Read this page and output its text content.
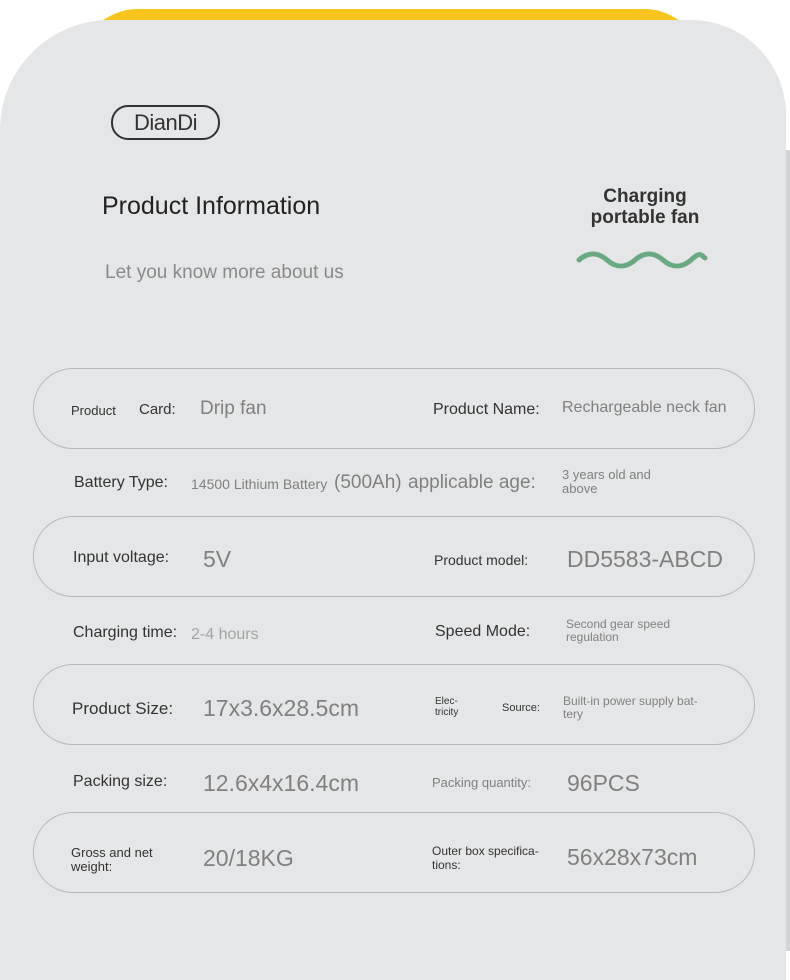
DianDi
Product Information
Let you know more about us
Charging
portable fan
Product Card: Drip fan	Product Name: Rechargeable neck fan
Battery Type: 14500 Lithium Battery (500Ah) applicable age: 3 years old and above
Input voltage: 5V	Product model: DD5583-ABCD
Charging time: 2-4 hours	Speed Mode:	Second gear speed regulation
Product Size: 17x3.6x28.5cm	Elec-tricity	Source: Built-in power supply bat-tery
Packing size: 12.6x4x16.4cm	Packing quantity: 96PCS
Gross and net weight:	20/18KG	Outer box specifica-tions:	56x28x73cm
